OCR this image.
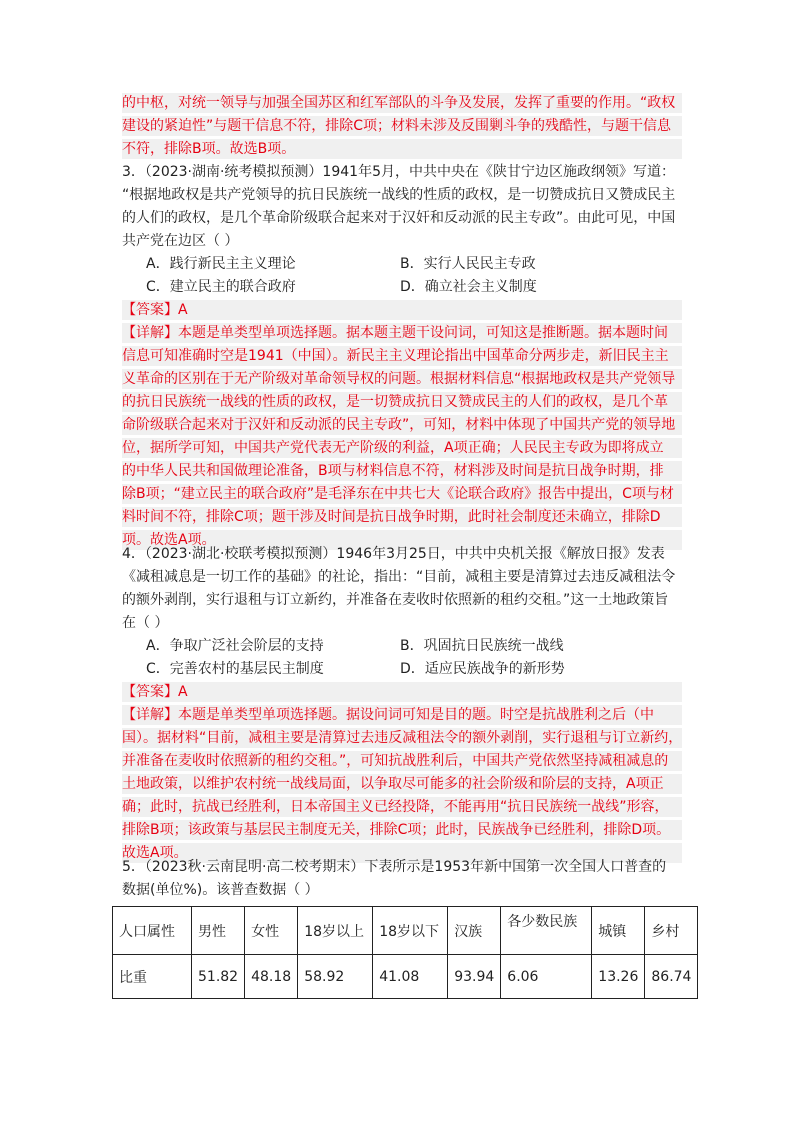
的中枢，对统一领导与加强全国苏区和红军部队的斗争及发展，发挥了重要的作用。“政权
建设的紧迫性”与题干信息不符，排除C项；材料未涉及反围剿斗争的残酷性，与题干信息
不符，排除B项。故选B项。
3．（2023·湖南·统考模拟预测）1941年5月，中共中央在《陕甘宁边区施政纲领》写道：
“根据地政权是共产党领导的抗日民族统一战线的性质的政权，是一切赞成抗日又赞成民主
的人们的政权，是几个革命阶级联合起来对于汉奸和反动派的民主专政”。由此可见，中国
共产党在边区（ ）
A．践行新民主主义理论	B．实行人民民主专政
C．建立民主的联合政府	D．确立社会主义制度
【答案】A
【详解】本题是单类型单项选择题。据本题主题干设问词，可知这是推断题。据本题时间
信息可知准确时空是1941（中国）。新民主主义理论指出中国革命分两步走，新旧民主主
义革命的区别在于无产阶级对革命领导权的问题。根据材料信息“根据地政权是共产党领导
的抗日民族统一战线的性质的政权，是一切赞成抗日又赞成民主的人们的政权，是几个革
命阶级联合起来对于汉奸和反动派的民主专政”，可知，材料中体现了中国共产党的领导地
位，据所学可知，中国共产党代表无产阶级的利益，A项正确；人民民主专政为即将成立
的中华人民共和国做理论准备，B项与材料信息不符，材料涉及时间是抗日战争时期，排
除B项；“建立民主的联合政府”是毛泽东在中共七大《论联合政府》报告中提出，C项与材
料时间不符，排除C项；题干涉及时间是抗日战争时期，此时社会制度还未确立，排除D
项。故选A项。
4．（2023·湖北·校联考模拟预测）1946年3月25日，中共中央机关报《解放日报》发表
《减租减息是一切工作的基础》的社论，指出：“目前，减租主要是清算过去违反减租法令
的额外剥削，实行退租与订立新约，并准备在麦收时依照新的租约交租。”这一土地政策旨
在（ ）
A．争取广泛社会阶层的支持	B．巩固抗日民族统一战线
C．完善农村的基层民主制度	D．适应民族战争的新形势
【答案】A
【详解】本题是单类型单项选择题。据设问词可知是目的题。时空是抗战胜利之后（中
国）。据材料“目前，减租主要是清算过去违反减租法令的额外剥削，实行退租与订立新约，
并准备在麦收时依照新的租约交租。”，可知抗战胜利后，中国共产党依然坚持减租减息的
土地政策，以维护农村统一战线局面，以争取尽可能多的社会阶级和阶层的支持，A项正
确；此时，抗战已经胜利，日本帝国主义已经投降，不能再用“抗日民族统一战线”形容，
排除B项；该政策与基层民主制度无关，排除C项；此时，民族战争已经胜利，排除D项。
故选A项。
5．（2023秋·云南昆明·高二校考期末）下表所示是1953年新中国第一次全国人口普查的
数据(单位%)。该普查数据（ ）
人口属性	男性	女性	18岁以上	18岁以下	汉族	各少数民族	城镇	乡村
比重	51.82	48.18	58.92	41.08	93.94	6.06	13.26	86.74
